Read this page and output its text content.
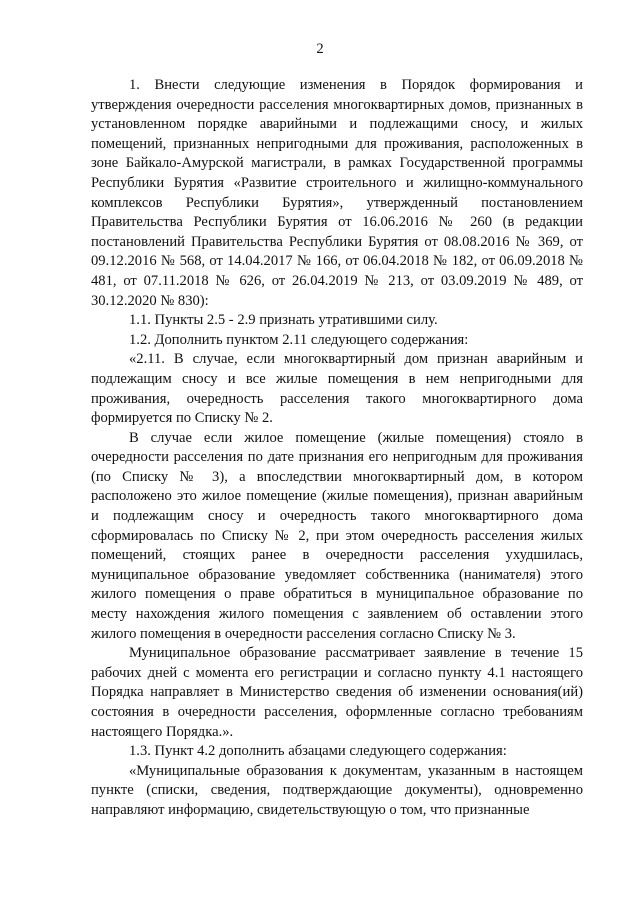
2

1. Внести следующие изменения в Порядок формирования и утверждения очередности расселения многоквартирных домов, признанных в установленном порядке аварийными и подлежащими сносу, и жилых помещений, признанных непригодными для проживания, расположенных в зоне Байкало-Амурской магистрали, в рамках Государственной программы Республики Бурятия «Развитие строительного и жилищно-коммунального комплексов Республики Бурятия», утвержденный постановлением Правительства Республики Бурятия от 16.06.2016 № 260 (в редакции постановлений Правительства Республики Бурятия от 08.08.2016 № 369, от 09.12.2016 № 568, от 14.04.2017 № 166, от 06.04.2018 № 182, от 06.09.2018 № 481, от 07.11.2018 № 626, от 26.04.2019 № 213, от 03.09.2019 № 489, от 30.12.2020 № 830):

1.1. Пункты 2.5 - 2.9 признать утратившими силу.

1.2. Дополнить пунктом 2.11 следующего содержания:

«2.11. В случае, если многоквартирный дом признан аварийным и подлежащим сносу и все жилые помещения в нем непригодными для проживания, очередность расселения такого многоквартирного дома формируется по Списку № 2.

В случае если жилое помещение (жилые помещения) стояло в очередности расселения по дате признания его непригодным для проживания (по Списку № 3), а впоследствии многоквартирный дом, в котором расположено это жилое помещение (жилые помещения), признан аварийным и подлежащим сносу и очередность такого многоквартирного дома сформировалась по Списку № 2, при этом очередность расселения жилых помещений, стоящих ранее в очередности расселения ухудшилась, муниципальное образование уведомляет собственника (нанимателя) этого жилого помещения о праве обратиться в муниципальное образование по месту нахождения жилого помещения с заявлением об оставлении этого жилого помещения в очередности расселения согласно Списку № 3.

Муниципальное образование рассматривает заявление в течение 15 рабочих дней с момента его регистрации и согласно пункту 4.1 настоящего Порядка направляет в Министерство сведения об изменении основания(ий) состояния в очередности расселения, оформленные согласно требованиям настоящего Порядка.».

1.3. Пункт 4.2 дополнить абзацами следующего содержания:

«Муниципальные образования к документам, указанным в настоящем пункте (списки, сведения, подтверждающие документы), одновременно направляют информацию, свидетельствующую о том, что признанные
